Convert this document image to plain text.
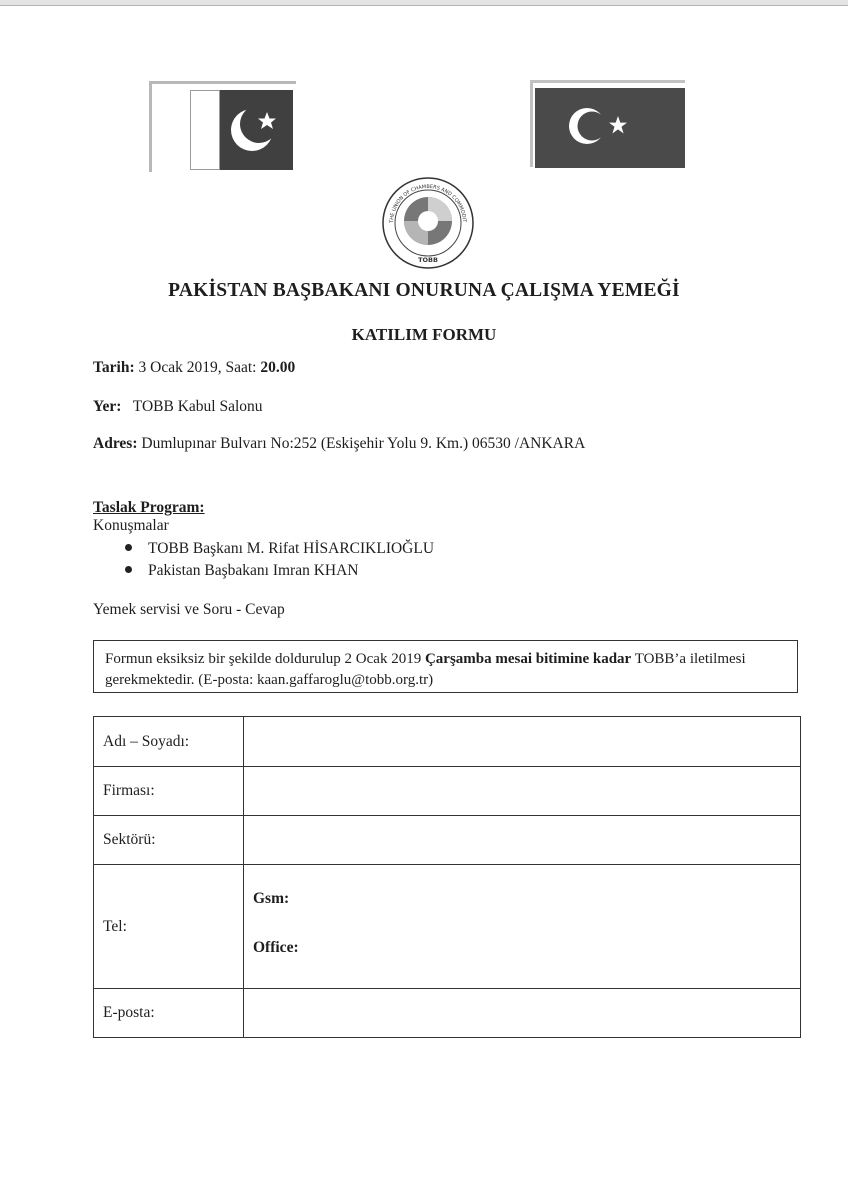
THE UNION OF CHAMBERS AND COMMODIT
TOBB
PAKİSTAN BAŞBAKANI ONURUNA ÇALIŞMA YEMEĞİ
KATILIM FORMU
Tarih: 3 Ocak 2019, Saat: 20.00
Yer: TOBB Kabul Salonu
Adres: Dumlupınar Bulvarı No:252 (Eskişehir Yolu 9. Km.) 06530 /ANKARA
Taslak Program:
Konuşmalar
TOBB Başkanı M. Rifat HİSARCIKLIOĞLU
Pakistan Başbakanı Imran KHAN
Yemek servisi ve Soru - Cevap
Formun eksiksiz bir şekilde doldurulup 2 Ocak 2019 Çarşamba mesai bitimine kadar TOBB’a iletilmesi gerekmektedir. (E-posta: kaan.gaffaroglu@tobb.org.tr)
Adı – Soyadı:	
Firması:	
Sektörü:	
Tel:	Gsm:
Office:

E-posta:	
